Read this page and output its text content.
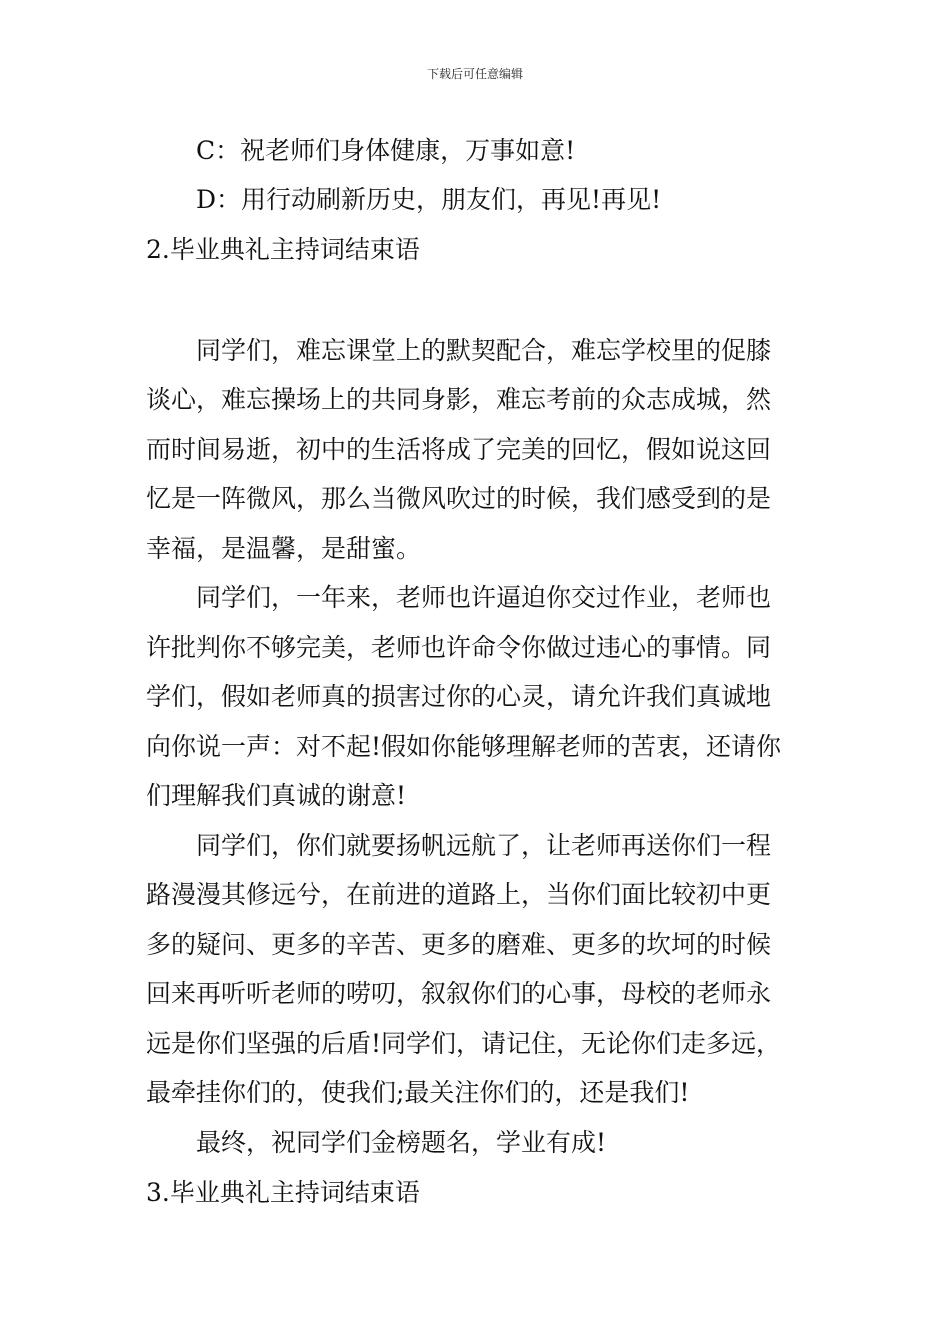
下载后可任意编辑
C：祝老师们身体健康，万事如意!
D：用行动刷新历史，朋友们，再见!再见!
2.毕业典礼主持词结束语
同学们，难忘课堂上的默契配合，难忘学校里的促膝
谈心，难忘操场上的共同身影，难忘考前的众志成城，然
而时间易逝，初中的生活将成了完美的回忆，假如说这回
忆是一阵微风，那么当微风吹过的时候，我们感受到的是
幸福，是温馨，是甜蜜。
同学们，一年来，老师也许逼迫你交过作业，老师也
许批判你不够完美，老师也许命令你做过违心的事情。同
学们，假如老师真的损害过你的心灵，请允许我们真诚地
向你说一声：对不起!假如你能够理解老师的苦衷，还请你
们理解我们真诚的谢意!
同学们，你们就要扬帆远航了，让老师再送你们一程
路漫漫其修远兮，在前进的道路上，当你们面比较初中更
多的疑问、更多的辛苦、更多的磨难、更多的坎坷的时候
回来再听听老师的唠叨，叙叙你们的心事，母校的老师永
远是你们坚强的后盾!同学们，请记住，无论你们走多远，
最牵挂你们的，使我们;最关注你们的，还是我们!
最终，祝同学们金榜题名，学业有成!
3.毕业典礼主持词结束语
